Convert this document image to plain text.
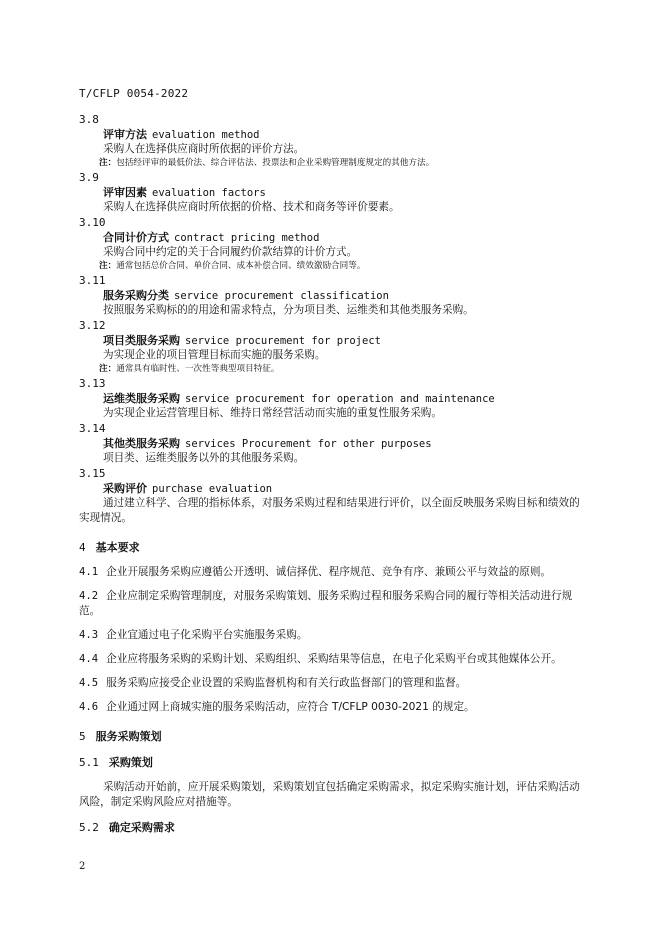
T/CFLP 0054-2022
3.8
评审方法 evaluation method
采购人在选择供应商时所依据的评价方法。
注：包括经评审的最低价法、综合评估法、投票法和企业采购管理制度规定的其他方法。
3.9
评审因素 evaluation factors
采购人在选择供应商时所依据的价格、技术和商务等评价要素。
3.10
合同计价方式 contract pricing method
采购合同中约定的关于合同履约价款结算的计价方式。
注：通常包括总价合同、单价合同、成本补偿合同、绩效激励合同等。
3.11
服务采购分类 service procurement classification
按照服务采购标的的用途和需求特点，分为项目类、运维类和其他类服务采购。
3.12
项目类服务采购 service procurement for project
为实现企业的项目管理目标而实施的服务采购。
注：通常具有临时性、一次性等典型项目特征。
3.13
运维类服务采购 service procurement for operation and maintenance
为实现企业运营管理目标、维持日常经营活动而实施的重复性服务采购。
3.14
其他类服务采购 services Procurement for other purposes
项目类、运维类服务以外的其他服务采购。
3.15
采购评价 purchase evaluation
通过建立科学、合理的指标体系，对服务采购过程和结果进行评价，以全面反映服务采购目标和绩效的实现情况。
4 基本要求
4.1 企业开展服务采购应遵循公开透明、诚信择优、程序规范、竞争有序、兼顾公平与效益的原则。
4.2 企业应制定采购管理制度，对服务采购策划、服务采购过程和服务采购合同的履行等相关活动进行规范。
4.3 企业宜通过电子化采购平台实施服务采购。
4.4 企业应将服务采购的采购计划、采购组织、采购结果等信息，在电子化采购平台或其他媒体公开。
4.5 服务采购应接受企业设置的采购监督机构和有关行政监督部门的管理和监督。
4.6 企业通过网上商城实施的服务采购活动，应符合 T/CFLP 0030-2021 的规定。
5 服务采购策划
5.1 采购策划
采购活动开始前，应开展采购策划，采购策划宜包括确定采购需求，拟定采购实施计划，评估采购活动风险，制定采购风险应对措施等。
5.2 确定采购需求
2
